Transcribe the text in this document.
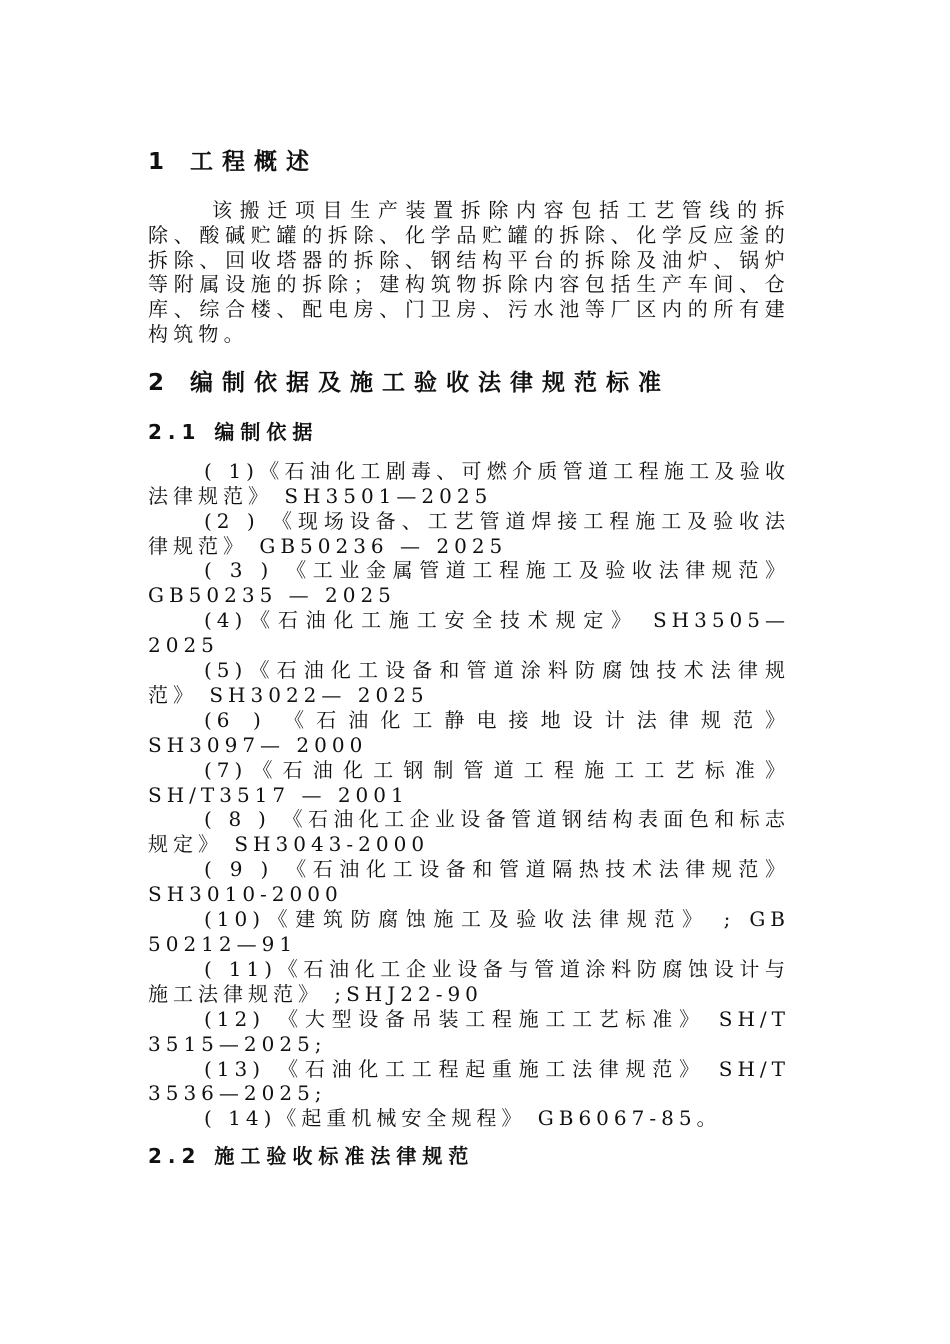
1 工程概述

该搬迁项目生产装置拆除内容包括工艺管线的拆除、酸碱贮罐的拆除、化学品贮罐的拆除、化学反应釜的拆除、回收塔器的拆除、钢结构平台的拆除及油炉、锅炉等附属设施的拆除；建构筑物拆除内容包括生产车间、仓库、综合楼、配电房、门卫房、污水池等厂区内的所有建构筑物。

2 编制依据及施工验收法律规范标准
2.1 编制依据

( 1)《石油化工剧毒、可燃介质管道工程施工及验收法律规范》 SH3501—2025

(2 ) 《现场设备、工艺管道焊接工程施工及验收法律规范》 GB50236 — 2025

( 3 ) 《工业金属管道工程施工及验收法律规范》 GB50235 — 2025

(4)《石油化工施工安全技术规定》 SH3505—2025

(5)《石油化工设备和管道涂料防腐蚀技术法律规范》 SH3022— 2025

(6 ) 《石油化工静电接地设计法律规范》 SH3097— 2000

(7)《石油化工钢制管道工程施工工艺标准》 SH/T3517 — 2001

( 8 ) 《石油化工企业设备管道钢结构表面色和标志规定》 SH3043-2000

( 9 ) 《石油化工设备和管道隔热技术法律规范》 SH3010-2000

(10)《建筑防腐蚀施工及验收法律规范》 ; GB 50212—91

( 11)《石油化工企业设备与管道涂料防腐蚀设计与施工法律规范》 ;SHJ22-90

(12) 《大型设备吊装工程施工工艺标准》 SH/T 3515—2025;

(13) 《石油化工工程起重施工法律规范》 SH/T 3536—2025;

( 14)《起重机械安全规程》 GB6067-85。

2.2 施工验收标准法律规范
